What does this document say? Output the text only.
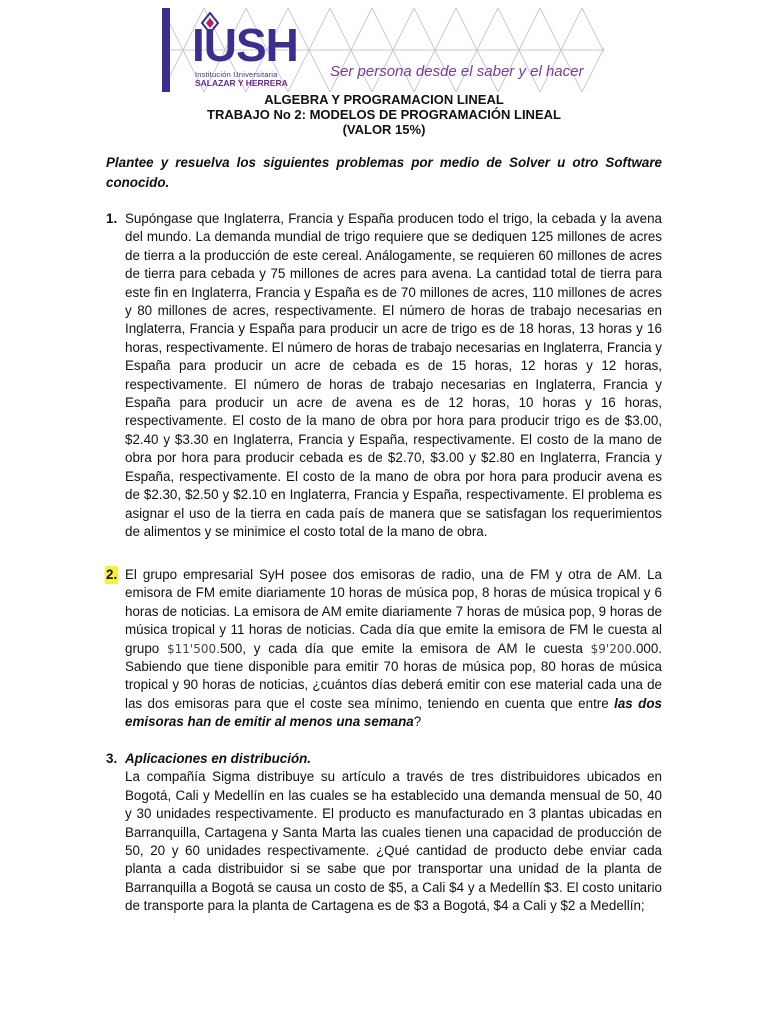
IUSH
Institución Universitaria
SALAZAR Y HERRERA
Ser persona desde el saber y el hacer
ALGEBRA Y PROGRAMACION LINEAL
TRABAJO No 2: MODELOS DE PROGRAMACIÓN LINEAL
(VALOR 15%)
Plantee y resuelva los siguientes problemas por medio de Solver u otro Software conocido.
1. Supóngase que Inglaterra, Francia y España producen todo el trigo, la cebada y la avena del mundo. La demanda mundial de trigo requiere que se dediquen 125 millones de acres de tierra a la producción de este cereal. Análogamente, se requieren 60 millones de acres de tierra para cebada y 75 millones de acres para avena. La cantidad total de tierra para este fin en Inglaterra, Francia y España es de 70 millones de acres, 110 millones de acres y 80 millones de acres, respectivamente. El número de horas de trabajo necesarias en Inglaterra, Francia y España para producir un acre de trigo es de 18 horas, 13 horas y 16 horas, respectivamente. El número de horas de trabajo necesarias en Inglaterra, Francia y España para producir un acre de cebada es de 15 horas, 12 horas y 12 horas, respectivamente. El número de horas de trabajo necesarias en Inglaterra, Francia y España para producir un acre de avena es de 12 horas, 10 horas y 16 horas, respectivamente. El costo de la mano de obra por hora para producir trigo es de $3.00, $2.40 y $3.30 en Inglaterra, Francia y España, respectivamente. El costo de la mano de obra por hora para producir cebada es de $2.70, $3.00 y $2.80 en Inglaterra, Francia y España, respectivamente. El costo de la mano de obra por hora para producir avena es de $2.30, $2.50 y $2.10 en Inglaterra, Francia y España, respectivamente. El problema es asignar el uso de la tierra en cada país de manera que se satisfagan los requerimientos de alimentos y se minimice el costo total de la mano de obra.
2. El grupo empresarial SyH posee dos emisoras de radio, una de FM y otra de AM. La emisora de FM emite diariamente 10 horas de música pop, 8 horas de música tropical y 6 horas de noticias. La emisora de AM emite diariamente 7 horas de música pop, 9 horas de música tropical y 11 horas de noticias. Cada día que emite la emisora de FM le cuesta al grupo $11'500.500, y cada día que emite la emisora de AM le cuesta $9'200.000. Sabiendo que tiene disponible para emitir 70 horas de música pop, 80 horas de música tropical y 90 horas de noticias, ¿cuántos días deberá emitir con ese material cada una de las dos emisoras para que el coste sea mínimo, teniendo en cuenta que entre las dos emisoras han de emitir al menos una semana?
3. Aplicaciones en distribución.
La compañía Sigma distribuye su artículo a través de tres distribuidores ubicados en Bogotá, Cali y Medellín en las cuales se ha establecido una demanda mensual de 50, 40 y 30 unidades respectivamente. El producto es manufacturado en 3 plantas ubicadas en Barranquilla, Cartagena y Santa Marta las cuales tienen una capacidad de producción de 50, 20 y 60 unidades respectivamente. ¿Qué cantidad de producto debe enviar cada planta a cada distribuidor si se sabe que por transportar una unidad de la planta de Barranquilla a Bogotá se causa un costo de $5, a Cali $4 y a Medellín $3. El costo unitario de transporte para la planta de Cartagena es de $3 a Bogotá, $4 a Cali y $2 a Medellín;
